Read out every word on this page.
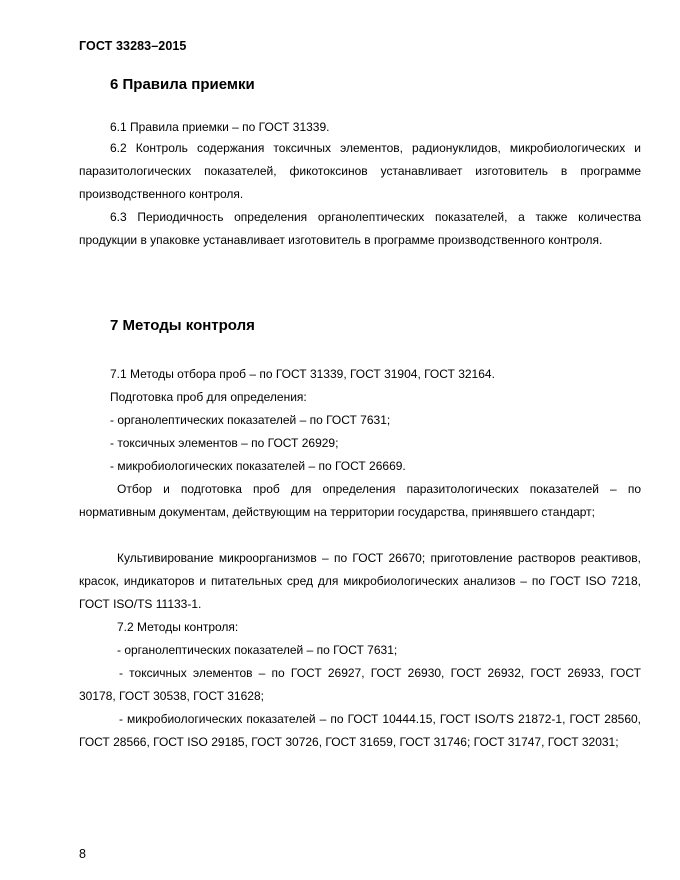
ГОСТ 33283–2015
6 Правила приемки
6.1 Правила приемки – по ГОСТ 31339.
6.2 Контроль содержания токсичных элементов, радионуклидов, микробиологических и паразитологических показателей, фикотоксинов устанавливает изготовитель в программе производственного контроля.
6.3 Периодичность определения органолептических показателей, а также количества продукции в упаковке устанавливает изготовитель в программе производственного контроля.
7 Методы контроля
7.1 Методы отбора проб – по ГОСТ 31339, ГОСТ 31904, ГОСТ 32164.
Подготовка проб для определения:
- органолептических показателей – по ГОСТ 7631;
- токсичных элементов – по ГОСТ 26929;
- микробиологических показателей – по ГОСТ 26669.
Отбор и подготовка проб для определения паразитологических показателей – по нормативным документам, действующим на территории государства, принявшего стандарт;
Культивирование микроорганизмов – по ГОСТ 26670; приготовление растворов реактивов, красок, индикаторов и питательных сред для микробиологических анализов – по ГОСТ ISO 7218, ГОСТ ISO/TS 11133-1.
7.2 Методы контроля:
- органолептических показателей – по ГОСТ 7631;
- токсичных элементов – по ГОСТ 26927, ГОСТ 26930, ГОСТ 26932, ГОСТ 26933, ГОСТ 30178, ГОСТ 30538, ГОСТ 31628;
- микробиологических показателей – по ГОСТ 10444.15, ГОСТ ISO/TS 21872-1, ГОСТ 28560, ГОСТ 28566, ГОСТ ISO 29185, ГОСТ 30726, ГОСТ 31659, ГОСТ 31746; ГОСТ 31747, ГОСТ 32031;
8
